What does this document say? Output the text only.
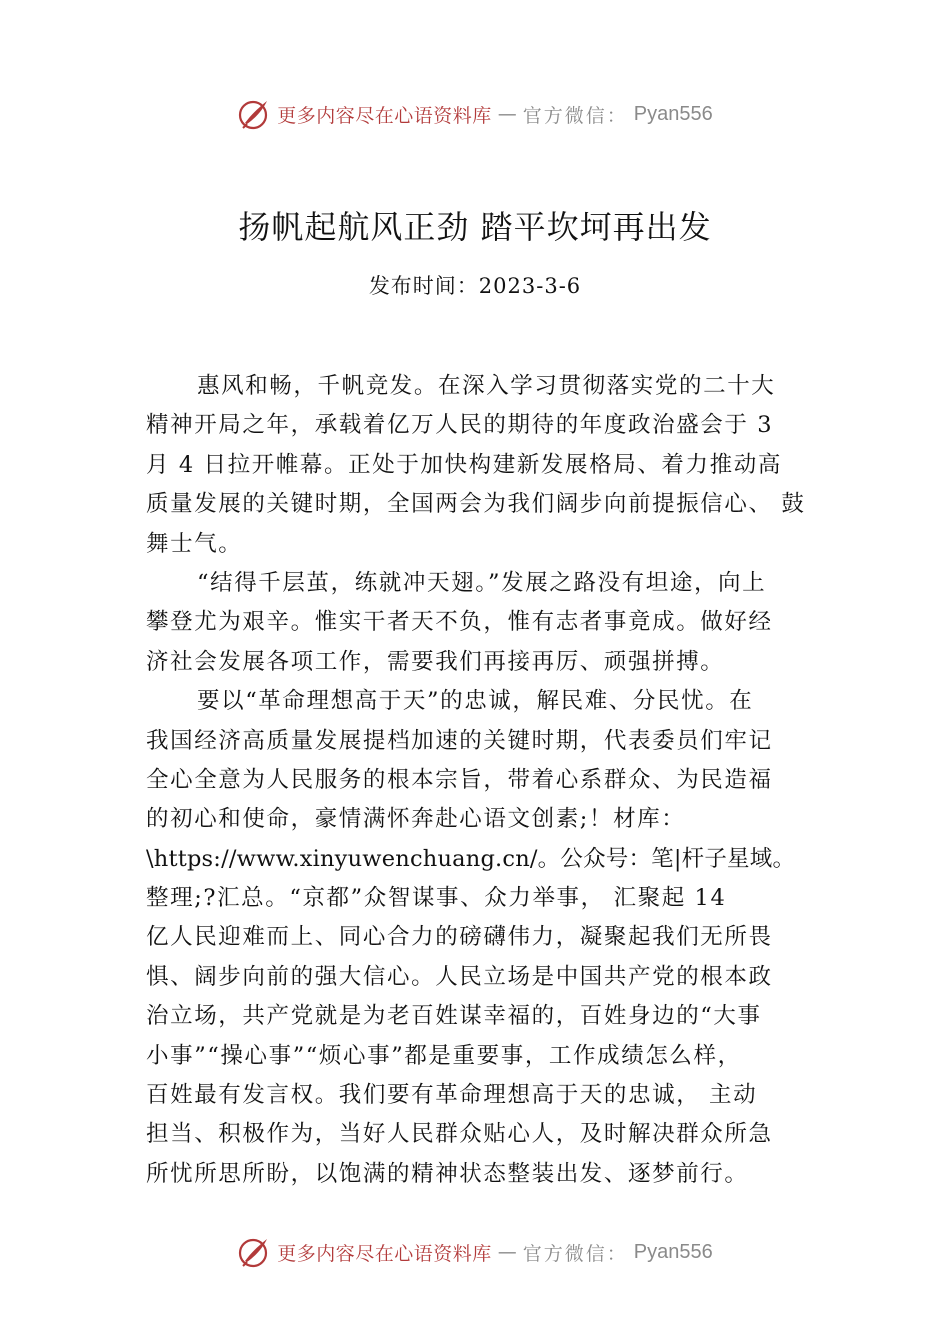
更多内容尽在心语资料库 — 官方微信： Pyan556
扬帆起航风正劲 踏平坎坷再出发
发布时间：2023-3-6
惠风和畅，千帆竞发。在深入学习贯彻落实党的二十大
精神开局之年，承载着亿万人民的期待的年度政治盛会于 3
月 4 日拉开帷幕。正处于加快构建新发展格局、着力推动高
质量发展的关键时期，全国两会为我们阔步向前提振信心、 鼓
舞士气。
“结得千层茧，练就冲天翅。”发展之路没有坦途，向上
攀登尤为艰辛。惟实干者天不负，惟有志者事竟成。做好经
济社会发展各项工作，需要我们再接再厉、顽强拼搏。
要以“革命理想高于天”的忠诚，解民难、分民忧。在
我国经济高质量发展提档加速的关键时期，代表委员们牢记
全心全意为人民服务的根本宗旨，带着心系群众、为民造福
的初心和使命，豪情满怀奔赴心语文创素;！材库：
\https://www.xinyuwenchuang.cn/。公众号：笔|杆子星域。
整理;?汇总。“京都”众智谋事、众力举事， 汇聚起 14
亿人民迎难而上、同心合力的磅礴伟力，凝聚起我们无所畏
惧、阔步向前的强大信心。人民立场是中国共产党的根本政
治立场，共产党就是为老百姓谋幸福的，百姓身边的“大事
小事”“操心事”“烦心事”都是重要事，工作成绩怎么样，
百姓最有发言权。我们要有革命理想高于天的忠诚， 主动
担当、积极作为，当好人民群众贴心人，及时解决群众所急
所忧所思所盼，以饱满的精神状态整装出发、逐梦前行。
更多内容尽在心语资料库 — 官方微信： Pyan556
